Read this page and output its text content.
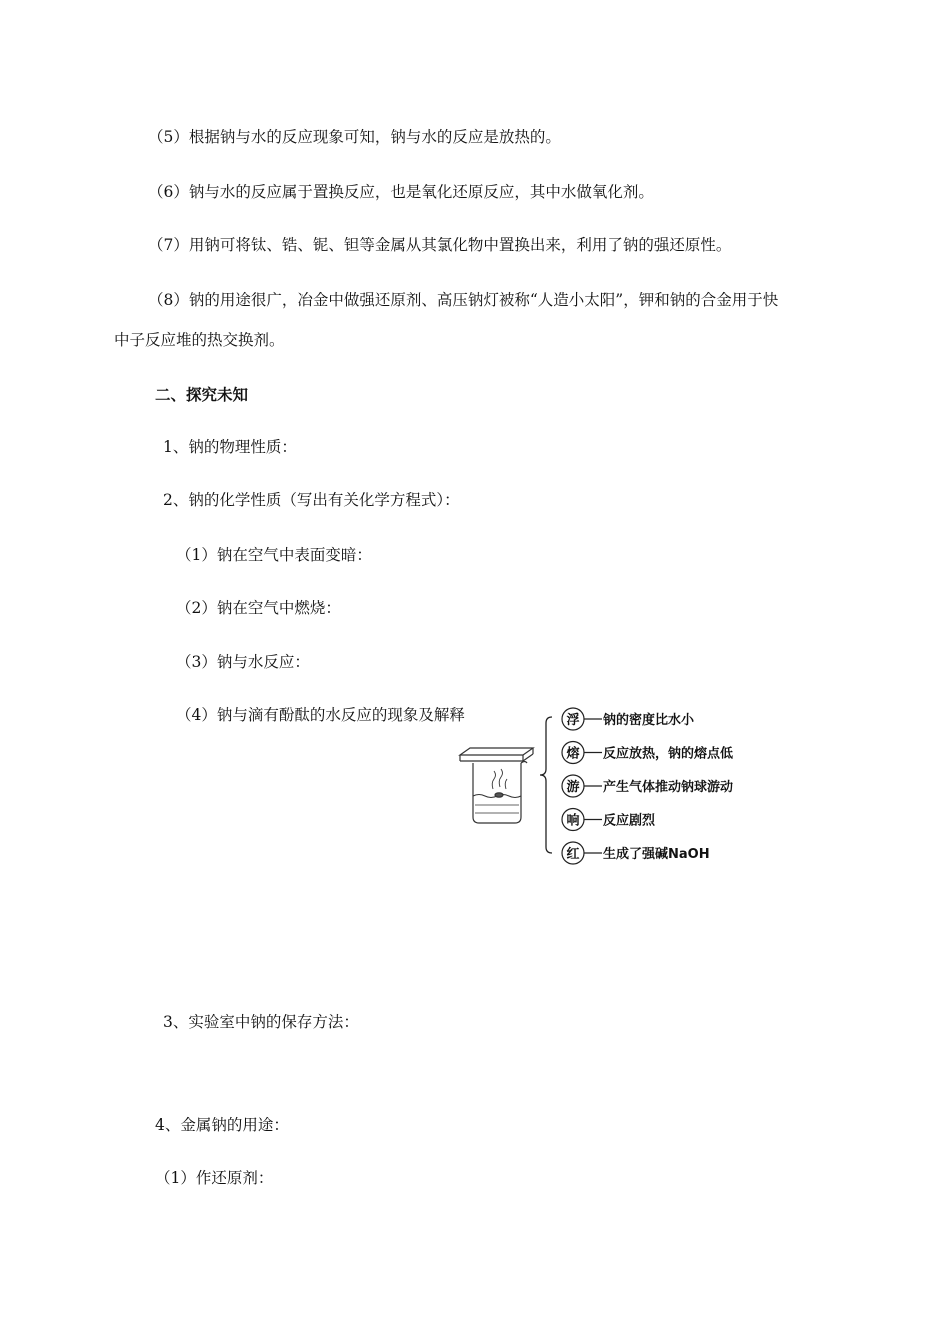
（5）根据钠与水的反应现象可知，钠与水的反应是放热的。
（6）钠与水的反应属于置换反应，也是氧化还原反应，其中水做氧化剂。
（7）用钠可将钛、锆、铌、钽等金属从其氯化物中置换出来，利用了钠的强还原性。
（8）钠的用途很广，冶金中做强还原剂、高压钠灯被称“人造小太阳”，钾和钠的合金用于快
中子反应堆的热交换剂。
二、探究未知
1、钠的物理性质：
2、钠的化学性质（写出有关化学方程式）：
（1）钠在空气中表面变暗：
（2）钠在空气中燃烧：
（3）钠与水反应：
（4）钠与滴有酚酞的水反应的现象及解释	浮 钠的密度比水小
熔 反应放热，钠的熔点低
游 产生气体推动钠球游动
响 反应剧烈
红 生成了强碱NaOH
3、实验室中钠的保存方法：
4、金属钠的用途：
（1）作还原剂：
